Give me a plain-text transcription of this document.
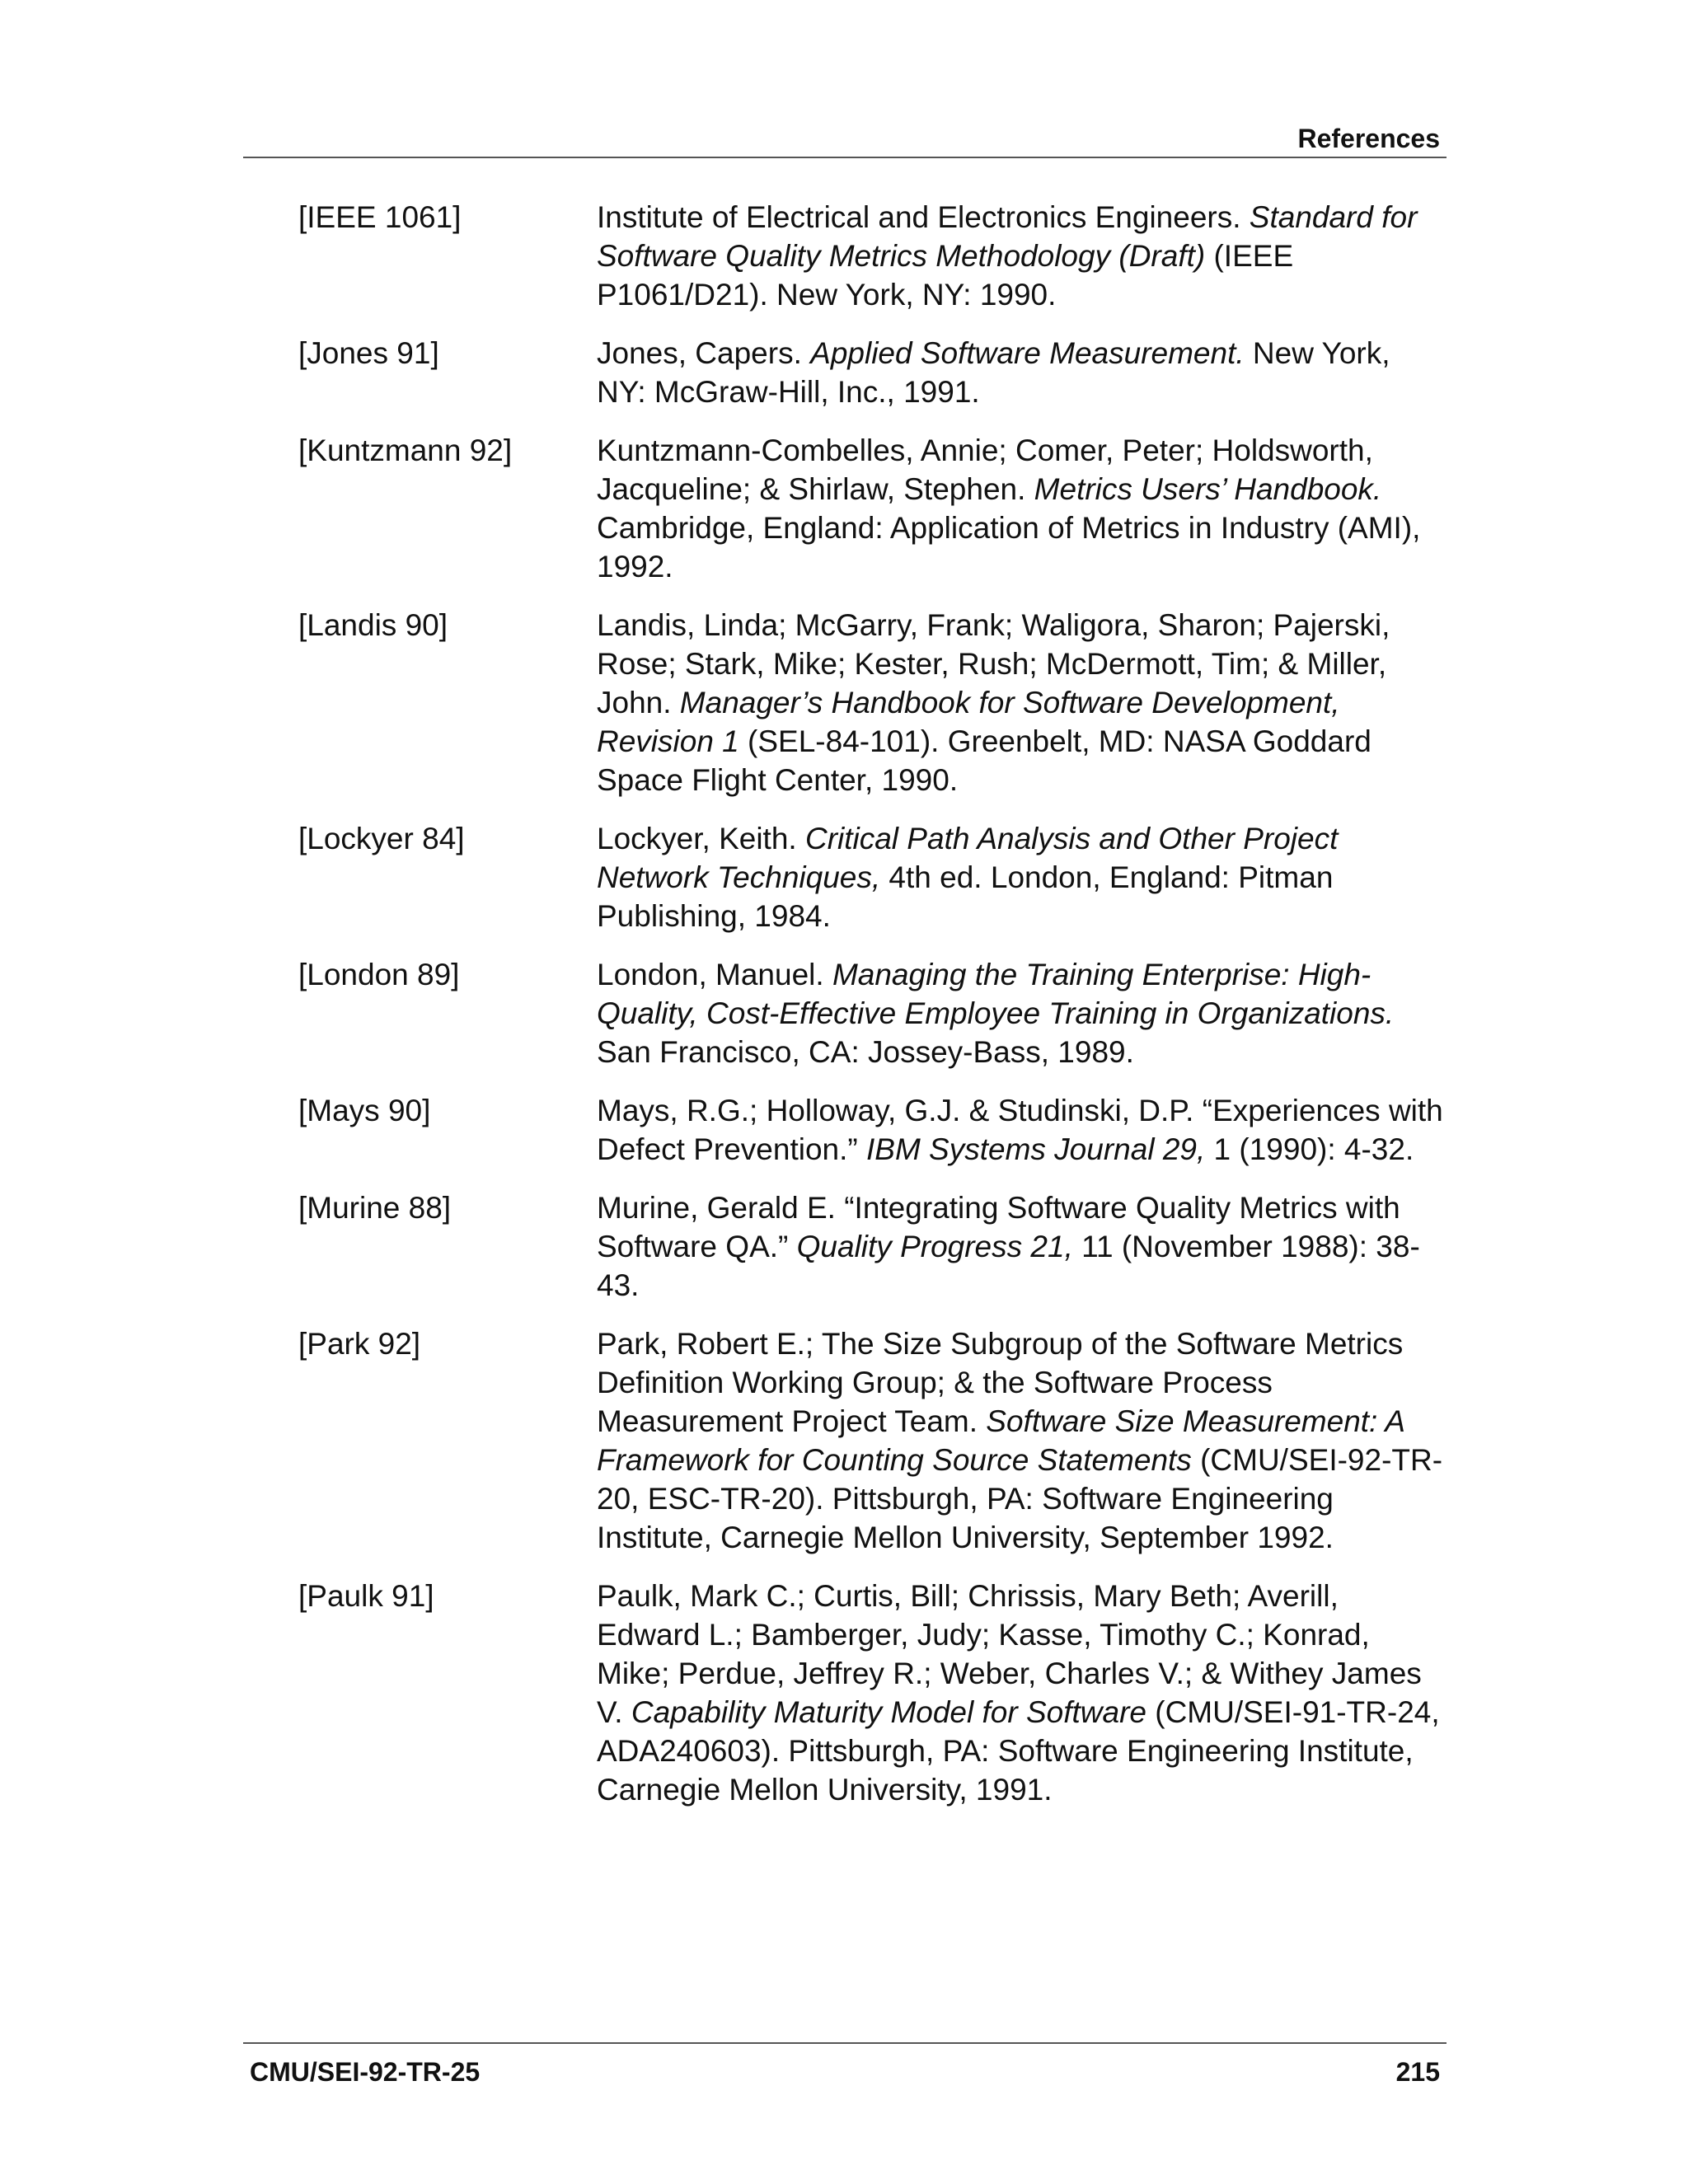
References
[IEEE 1061]	Institute of Electrical and Electronics Engineers. Standard for Software Quality Metrics Methodology (Draft) (IEEE P1061/D21). New York, NY: 1990.
[Jones 91]	Jones, Capers. Applied Software Measurement. New York, NY: McGraw-Hill, Inc., 1991.
[Kuntzmann 92]	Kuntzmann-Combelles, Annie; Comer, Peter; Holdsworth, Jacqueline; & Shirlaw, Stephen. Metrics Users’ Handbook. Cambridge, England: Application of Metrics in Industry (AMI), 1992.
[Landis 90]	Landis, Linda; McGarry, Frank; Waligora, Sharon; Pajerski, Rose; Stark, Mike; Kester, Rush; McDermott, Tim; & Miller, John. Manager’s Handbook for Software Development, Revision 1 (SEL-84-101). Greenbelt, MD: NASA Goddard Space Flight Center, 1990.
[Lockyer 84]	Lockyer, Keith. Critical Path Analysis and Other Project Network Techniques, 4th ed. London, England: Pitman Publishing, 1984.
[London 89]	London, Manuel. Managing the Training Enterprise: High-Quality, Cost-Effective Employee Training in Organizations. San Francisco, CA: Jossey-Bass, 1989.
[Mays 90]	Mays, R.G.; Holloway, G.J. & Studinski, D.P. “Experiences with Defect Prevention.” IBM Systems Journal 29, 1 (1990): 4-32.
[Murine 88]	Murine, Gerald E. “Integrating Software Quality Metrics with Software QA.” Quality Progress 21, 11 (November 1988): 38-43.
[Park 92]	Park, Robert E.; The Size Subgroup of the Software Metrics Definition Working Group; & the Software Process Measurement Project Team. Software Size Measurement: A Framework for Counting Source Statements (CMU/SEI-92-TR-20, ESC-TR-20). Pittsburgh, PA: Software Engineering Institute, Carnegie Mellon University, September 1992.
[Paulk 91]	Paulk, Mark C.; Curtis, Bill; Chrissis, Mary Beth; Averill, Edward L.; Bamberger, Judy; Kasse, Timothy C.; Konrad, Mike; Perdue, Jeffrey R.; Weber, Charles V.; & Withey James V. Capability Maturity Model for Software (CMU/SEI-91-TR-24, ADA240603). Pittsburgh, PA: Software Engineering Institute, Carnegie Mellon University, 1991.
CMU/SEI-92-TR-25	215
